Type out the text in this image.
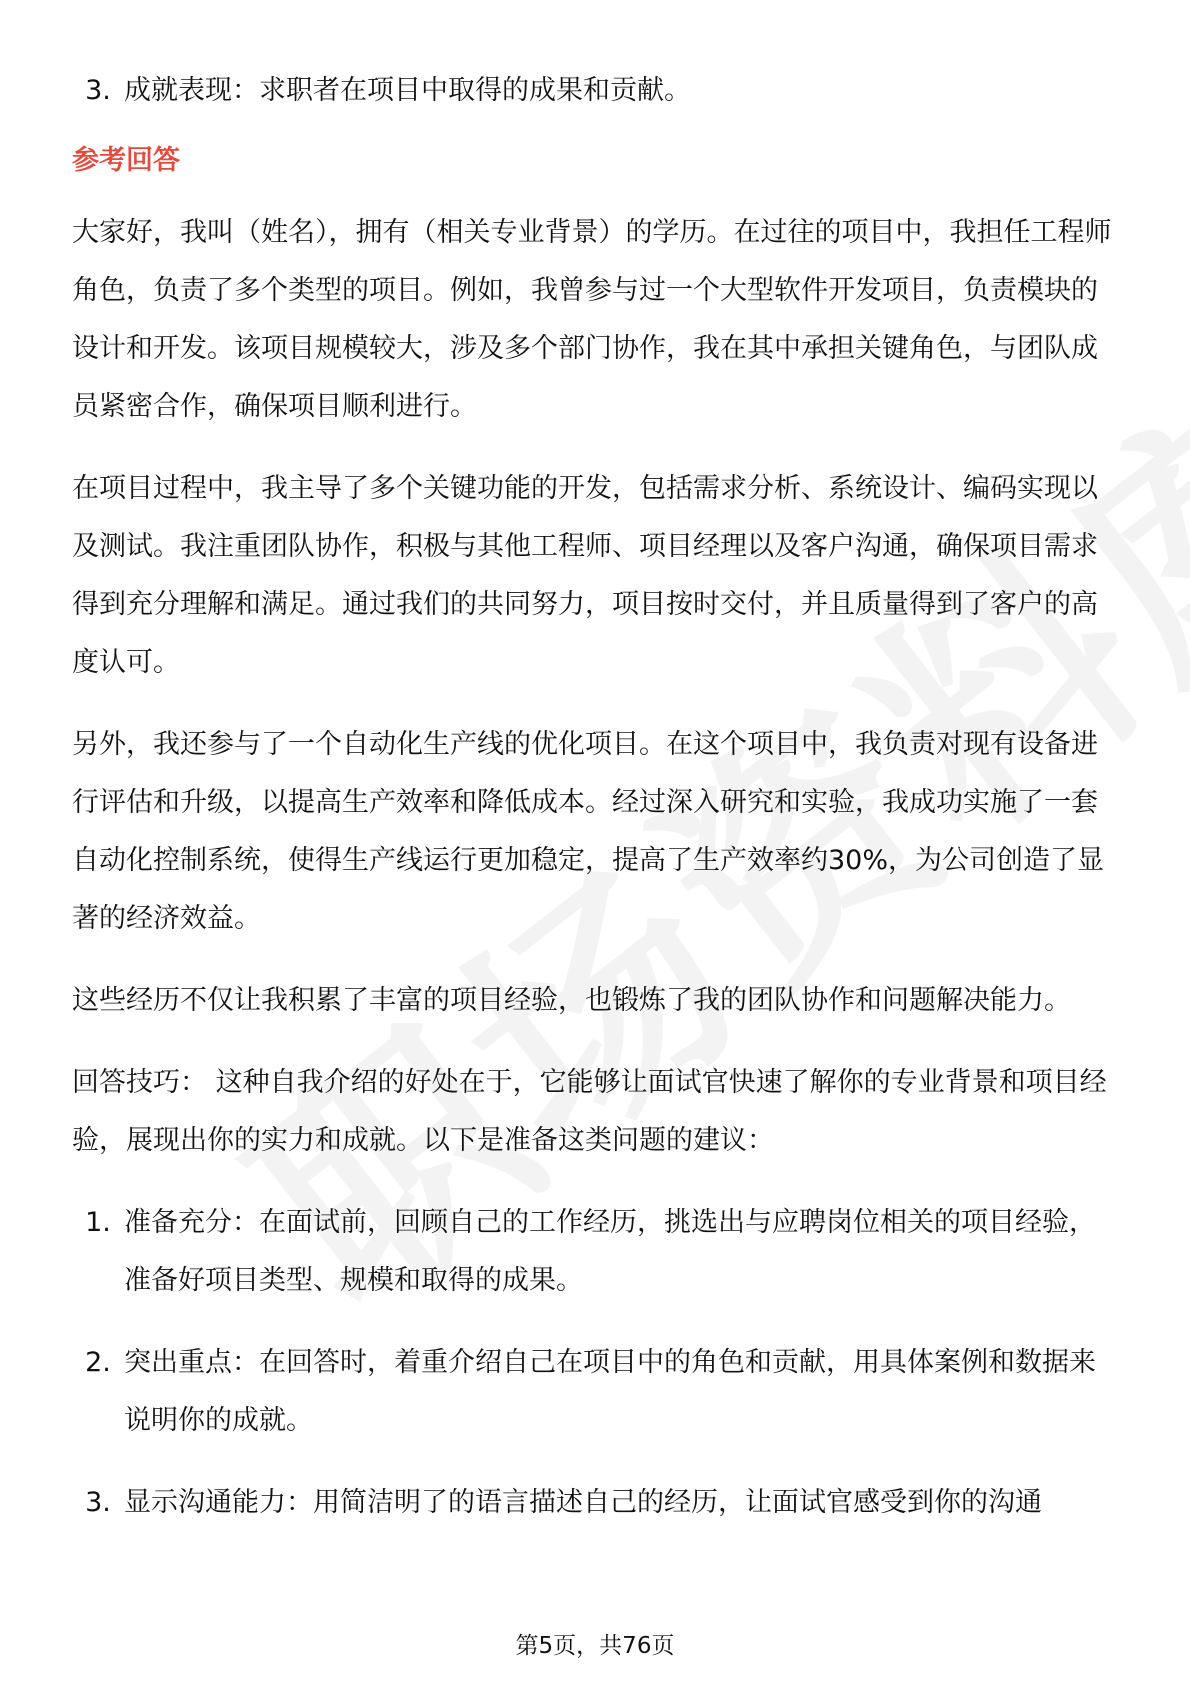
3. 成就表现：求职者在项目中取得的成果和贡献。
参考回答

大家好，我叫（姓名），拥有（相关专业背景）的学历。在过往的项目中，我担任工程师角色，负责了多个类型的项目。例如，我曾参与过一个大型软件开发项目，负责模块的设计和开发。该项目规模较大，涉及多个部门协作，我在其中承担关键角色，与团队成员紧密合作，确保项目顺利进行。

在项目过程中，我主导了多个关键功能的开发，包括需求分析、系统设计、编码实现以及测试。我注重团队协作，积极与其他工程师、项目经理以及客户沟通，确保项目需求得到充分理解和满足。通过我们的共同努力，项目按时交付，并且质量得到了客户的高度认可。

另外，我还参与了一个自动化生产线的优化项目。在这个项目中，我负责对现有设备进行评估和升级，以提高生产效率和降低成本。经过深入研究和实验，我成功实施了一套自动化控制系统，使得生产线运行更加稳定，提高了生产效率约30%，为公司创造了显著的经济效益。

这些经历不仅让我积累了丰富的项目经验，也锻炼了我的团队协作和问题解决能力。

回答技巧： 这种自我介绍的好处在于，它能够让面试官快速了解你的专业背景和项目经验，展现出你的实力和成就。以下是准备这类问题的建议：

1. 准备充分：在面试前，回顾自己的工作经历，挑选出与应聘岗位相关的项目经验，准备好项目类型、规模和取得的成果。
2. 突出重点：在回答时，着重介绍自己在项目中的角色和贡献，用具体案例和数据来说明你的成就。
3. 显示沟通能力：用简洁明了的语言描述自己的经历，让面试官感受到你的沟通
第5页，共76页
